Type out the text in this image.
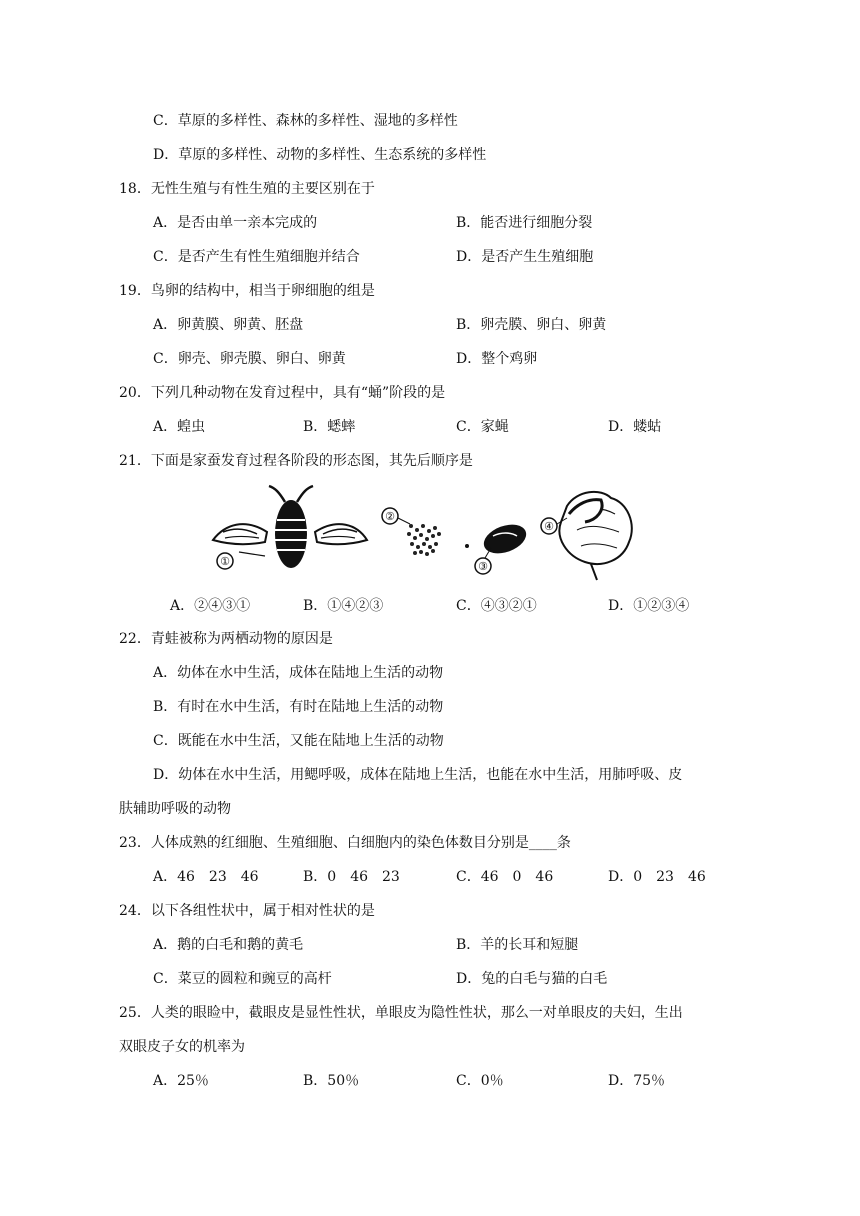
C．草原的多样性、森林的多样性、湿地的多样性
D．草原的多样性、动物的多样性、生态系统的多样性
18．无性生殖与有性生殖的主要区别在于
A．是否由单一亲本完成的	B．能否进行细胞分裂
C．是否产生有性生殖细胞并结合	D．是否产生生殖细胞
19．鸟卵的结构中，相当于卵细胞的组是
A．卵黄膜、卵黄、胚盘	B．卵壳膜、卵白、卵黄
C．卵壳、卵壳膜、卵白、卵黄	D．整个鸡卵
20．下列几种动物在发育过程中，具有“蛹”阶段的是
A．蝗虫	B．蟋蟀	C．家蝇	D．蝼蛄
21．下面是家蚕发育过程各阶段的形态图，其先后顺序是
①
②
③
④
A．②④③①	B．①④②③	C．④③②①	D．①②③④
22．青蛙被称为两栖动物的原因是
A．幼体在水中生活，成体在陆地上生活的动物
B．有时在水中生活，有时在陆地上生活的动物
C．既能在水中生活，又能在陆地上生活的动物
D．幼体在水中生活，用鳃呼吸，成体在陆地上生活，也能在水中生活，用肺呼吸、皮
肤辅助呼吸的动物
23．人体成熟的红细胞、生殖细胞、白细胞内的染色体数目分别是____条
A．46　23　46	B．0　46　23	C．46　0　46	D．0　23　46
24．以下各组性状中，属于相对性状的是
A．鹅的白毛和鹅的黄毛	B．羊的长耳和短腿
C．菜豆的圆粒和豌豆的高杆	D．兔的白毛与猫的白毛
25．人类的眼睑中，截眼皮是显性性状，单眼皮为隐性性状，那么一对单眼皮的夫妇，生出
双眼皮子女的机率为
A．25％	B．50％	C．0％	D．75％
